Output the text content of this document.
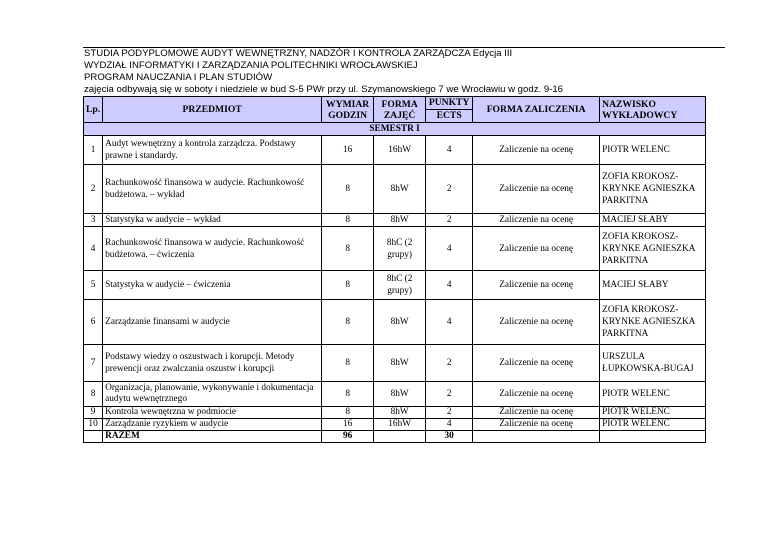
STUDIA PODYPLOMOWE AUDYT WEWNĘTRZNY, NADZÓR I KONTROLA ZARZĄDCZA Edycja III
WYDZIAŁ INFORMATYKI I ZARZĄDZANIA POLITECHNIKI WROCŁAWSKIEJ
PROGRAM NAUCZANIA I PLAN STUDIÓW
zajęcia odbywają się w soboty i niedziele w bud S-5 PWr przy ul. Szymanowskiego 7 we Wrocławiu w godz. 9-16
Lp.	PRZEDMIOT	WYMIAR GODZIN	FORMA ZAJĘĆ	PUNKTY	FORMA ZALICZENIA	NAZWISKO WYKŁADOWCY
				ECTS		
SEMESTR I						
1	Audyt wewnętrzny a kontrola zarządcza. Podstawy prawne i standardy.	16	16hW	4	Zaliczenie na ocenę	PIOTR WELENC
2	Rachunkowość finansowa w audycie. Rachunkowość budżetowa. – wykład	8	8hW	2	Zaliczenie na ocenę	ZOFIA KROKOSZ-KRYNKE AGNIESZKA PARKITNA
3	Statystyka w audycie – wykład	8	8hW	2	Zaliczenie na ocenę	MACIEJ SŁABY
4	Rachunkowość finansowa w audycie. Rachunkowość budżetowa. – ćwiczenia	8	8hC (2 grupy)	4	Zaliczenie na ocenę	ZOFIA KROKOSZ-KRYNKE AGNIESZKA PARKITNA
5	Statystyka w audycie – ćwiczenia	8	8hC (2 grupy)	4	Zaliczenie na ocenę	MACIEJ SŁABY
6	Zarządzanie finansami w audycie	8	8hW	4	Zaliczenie na ocenę	ZOFIA KROKOSZ-KRYNKE AGNIESZKA PARKITNA
7	Podstawy wiedzy o oszustwach i korupcji. Metody prewencji oraz zwalczania oszustw i korupcji	8	8hW	2	Zaliczenie na ocenę	URSZULA ŁUPKOWSKA-BUGAJ
8	Organizacja, planowanie, wykonywanie i dokumentacja audytu wewnętrznego	8	8hW	2	Zaliczenie na ocenę	PIOTR WELENC
9	Kontrola wewnętrzna w podmiocie	8	8hW	2	Zaliczenie na ocenę	PIOTR WELENC
10	Zarządzanie ryzykiem w audycie	16	16hW	4	Zaliczenie na ocenę	PIOTR WELENC
	RAZEM	96		30		
